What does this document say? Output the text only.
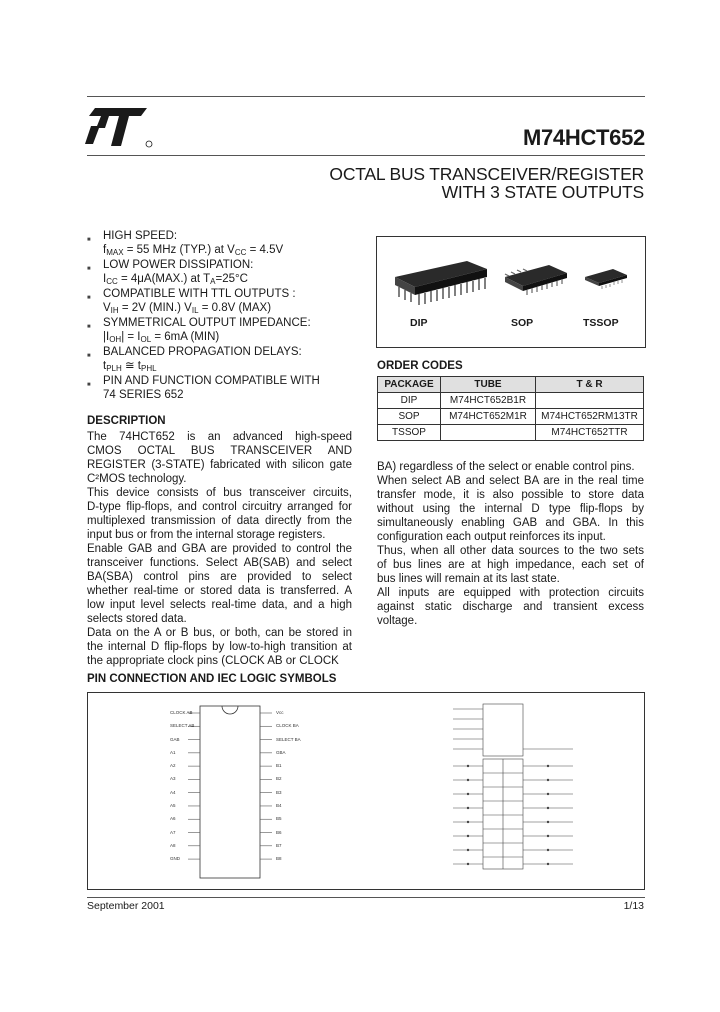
M74HCT652
OCTAL BUS TRANSCEIVER/REGISTER
WITH 3 STATE OUTPUTS
■ HIGH SPEED:
$f_{MAX} = 55$ MHz (TYP.) at $V_{CC} = 4.5V$
■ LOW POWER DISSIPATION:
$I_{CC} = 4\mu A(MAX.)$ at $T_A=25^\circ C$
■ COMPATIBLE WITH TTL OUTPUTS :
$V_{IH} = 2V$ (MIN.) $V_{IL} = 0.8V$ (MAX)
■ SYMMETRICAL OUTPUT IMPEDANCE:
$|I_{OH}| = I_{OL} = 6mA$ (MIN)
■ BALANCED PROPAGATION DELAYS:
$t_{PLH}$ ≅ $t_{PHL}$
■ PIN AND FUNCTION COMPATIBLE WITH
74 SERIES 652
DIP	SOP	TSSOP
ORDER CODES
PACKAGE	TUBE	T & R
DIP	M74HCT652B1R	
SOP	M74HCT652M1R	M74HCT652RM13TR
TSSOP		M74HCT652TTR
DESCRIPTION
The 74HCT652 is an advanced high-speed
CMOS OCTAL BUS TRANSCEIVER AND
REGISTER (3-STATE) fabricated with silicon gate
C²MOS technology.
This device consists of bus transceiver circuits,
D-type flip-flops, and control circuitry arranged for
multiplexed transmission of data directly from the
input bus or from the internal storage registers.
Enable GAB and GBA are provided to control the
transceiver functions. Select AB(SAB) and select
BA(SBA) control pins are provided to select
whether real-time or stored data is transferred. A
low input level selects real-time data, and a high
selects stored data.
Data on the A or B bus, or both, can be stored in
the internal D flip-flops by low-to-high transition at
the appropriate clock pins (CLOCK AB or CLOCK
BA) regardless of the select or enable control pins.
When select AB and select BA are in the real time
transfer mode, it is also possible to store data
without using the internal D type flip-flops by
simultaneously enabling GAB and GBA. In this
configuration each output reinforces its input.
Thus, when all other data sources to the two sets
of bus lines are at high impedance, each set of
bus lines will remain at its last state.
All inputs are equipped with protection circuits
against static discharge and transient excess
voltage.
PIN CONNECTION AND IEC LOGIC SYMBOLS
CLOCK AB
SELECT AB
GAB
A1
A2
A3
A4
A5
A6
A7
A8
GND
Vcc
CLOCK BA
SELECT BA
GBA
B1
B2
B3
B4
B5
B6
B7
B8
September 2001	1/13
